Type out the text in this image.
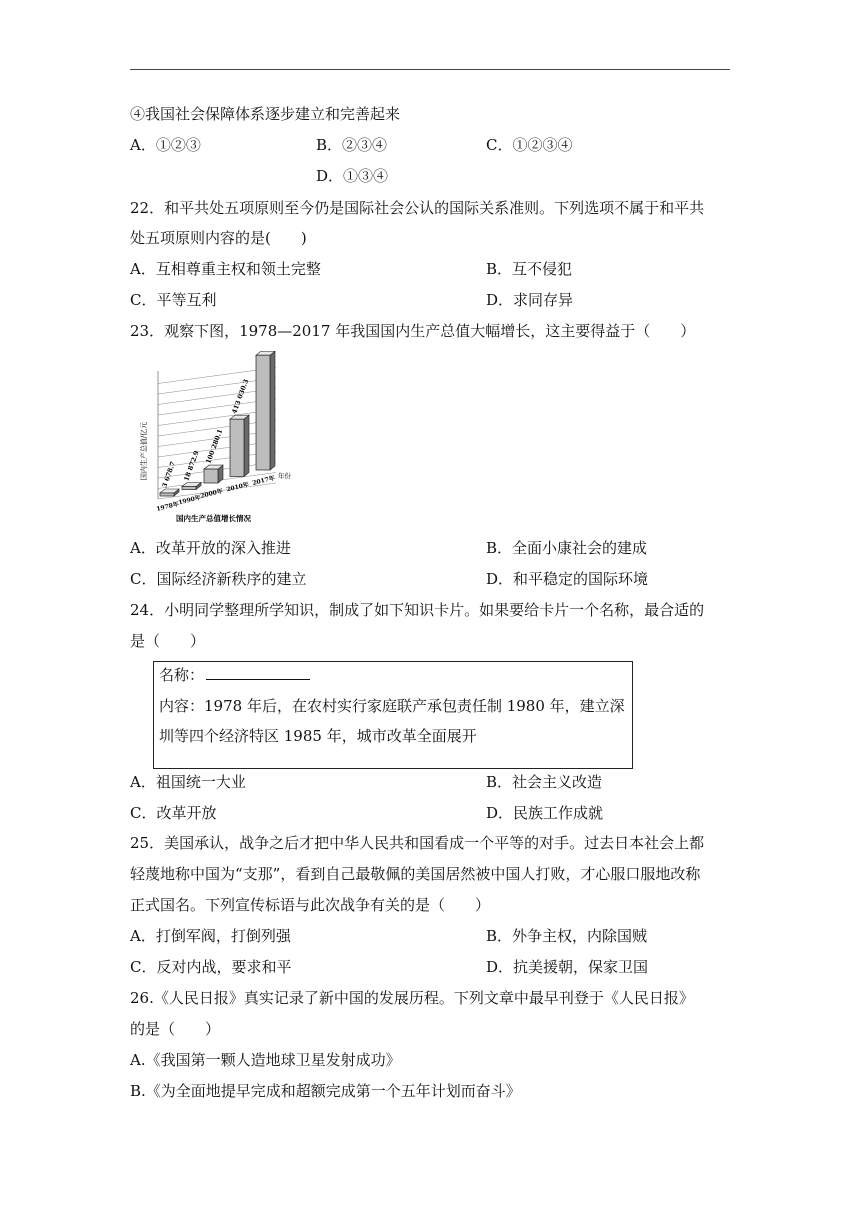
④我国社会保障体系逐步建立和完善起来
A．①②③	B．②③④	C．①②③④
D．①③④
22．和平共处五项原则至今仍是国际社会公认的国际关系准则。下列选项不属于和平共
处五项原则内容的是(　　)
A．互相尊重主权和领土完整	B．互不侵犯
C．平等互利	D．求同存异
23．观察下图，1978—2017 年我国国内生产总值大幅增长，这主要得益于（　　）
3 678.7
1978年
18 872.9
1990年
100 280.1
2000年
413 030.3
2010年
2017年
国内生产总值/亿元	年份
国内生产总值增长情况
A．改革开放的深入推进	B．全面小康社会的建成
C．国际经济新秩序的建立	D．和平稳定的国际环境
24．小明同学整理所学知识，制成了如下知识卡片。如果要给卡片一个名称，最合适的
是（　　）
名称：
内容：1978 年后，在农村实行家庭联产承包责任制 1980 年，建立深
圳等四个经济特区 1985 年，城市改革全面展开
A．祖国统一大业	B．社会主义改造
C．改革开放	D．民族工作成就
25．美国承认，战争之后才把中华人民共和国看成一个平等的对手。过去日本社会上都
轻蔑地称中国为“支那”，看到自己最敬佩的美国居然被中国人打败，才心服口服地改称
正式国名。下列宣传标语与此次战争有关的是（　　）
A．打倒军阀，打倒列强	B．外争主权，内除国贼
C．反对内战，要求和平	D．抗美援朝，保家卫国
26.《人民日报》真实记录了新中国的发展历程。下列文章中最早刊登于《人民日报》
的是（　　）
A.《我国第一颗人造地球卫星发射成功》
B.《为全面地提早完成和超额完成第一个五年计划而奋斗》
